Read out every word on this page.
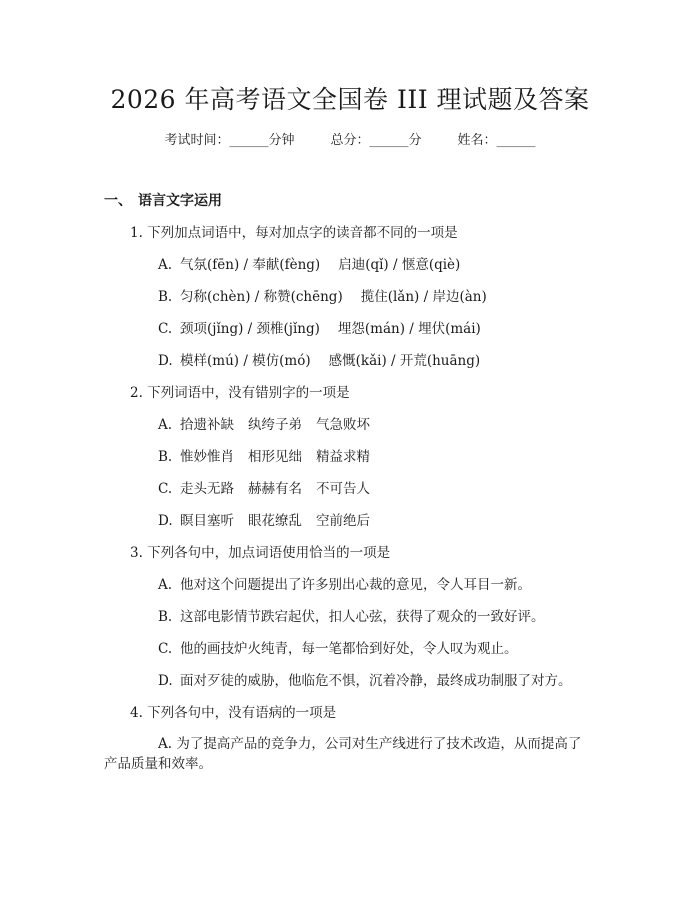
2026 年高考语文全国卷 III 理试题及答案
考试时间：______分钟	总分：______分	姓名：______
一、 语言文字运用
1. 下列加点词语中，每对加点字的读音都不同的一项是
A. 气氛(fēn) / 奉献(fèng) 启迪(qǐ) / 惬意(qiè)
B. 匀称(chèn) / 称赞(chēng) 揽住(lǎn) / 岸边(àn)
C. 颈项(jǐng) / 颈椎(jǐng) 埋怨(mán) / 埋伏(mái)
D. 模样(mú) / 模仿(mó) 感慨(kǎi) / 开荒(huāng)
2. 下列词语中，没有错别字的一项是
A. 拾遗补缺 纨绔子弟 气急败坏
B. 惟妙惟肖 相形见绌 精益求精
C. 走头无路 赫赫有名 不可告人
D. 瞑目塞听 眼花缭乱 空前绝后
3. 下列各句中，加点词语使用恰当的一项是
A. 他对这个问题提出了许多别出心裁的意见，令人耳目一新。
B. 这部电影情节跌宕起伏，扣人心弦，获得了观众的一致好评。
C. 他的画技炉火纯青，每一笔都恰到好处，令人叹为观止。
D. 面对歹徒的威胁，他临危不惧，沉着冷静，最终成功制服了对方。
4. 下列各句中，没有语病的一项是
A. 为了提高产品的竞争力，公司对生产线进行了技术改造，从而提高了产品质量和效率。
